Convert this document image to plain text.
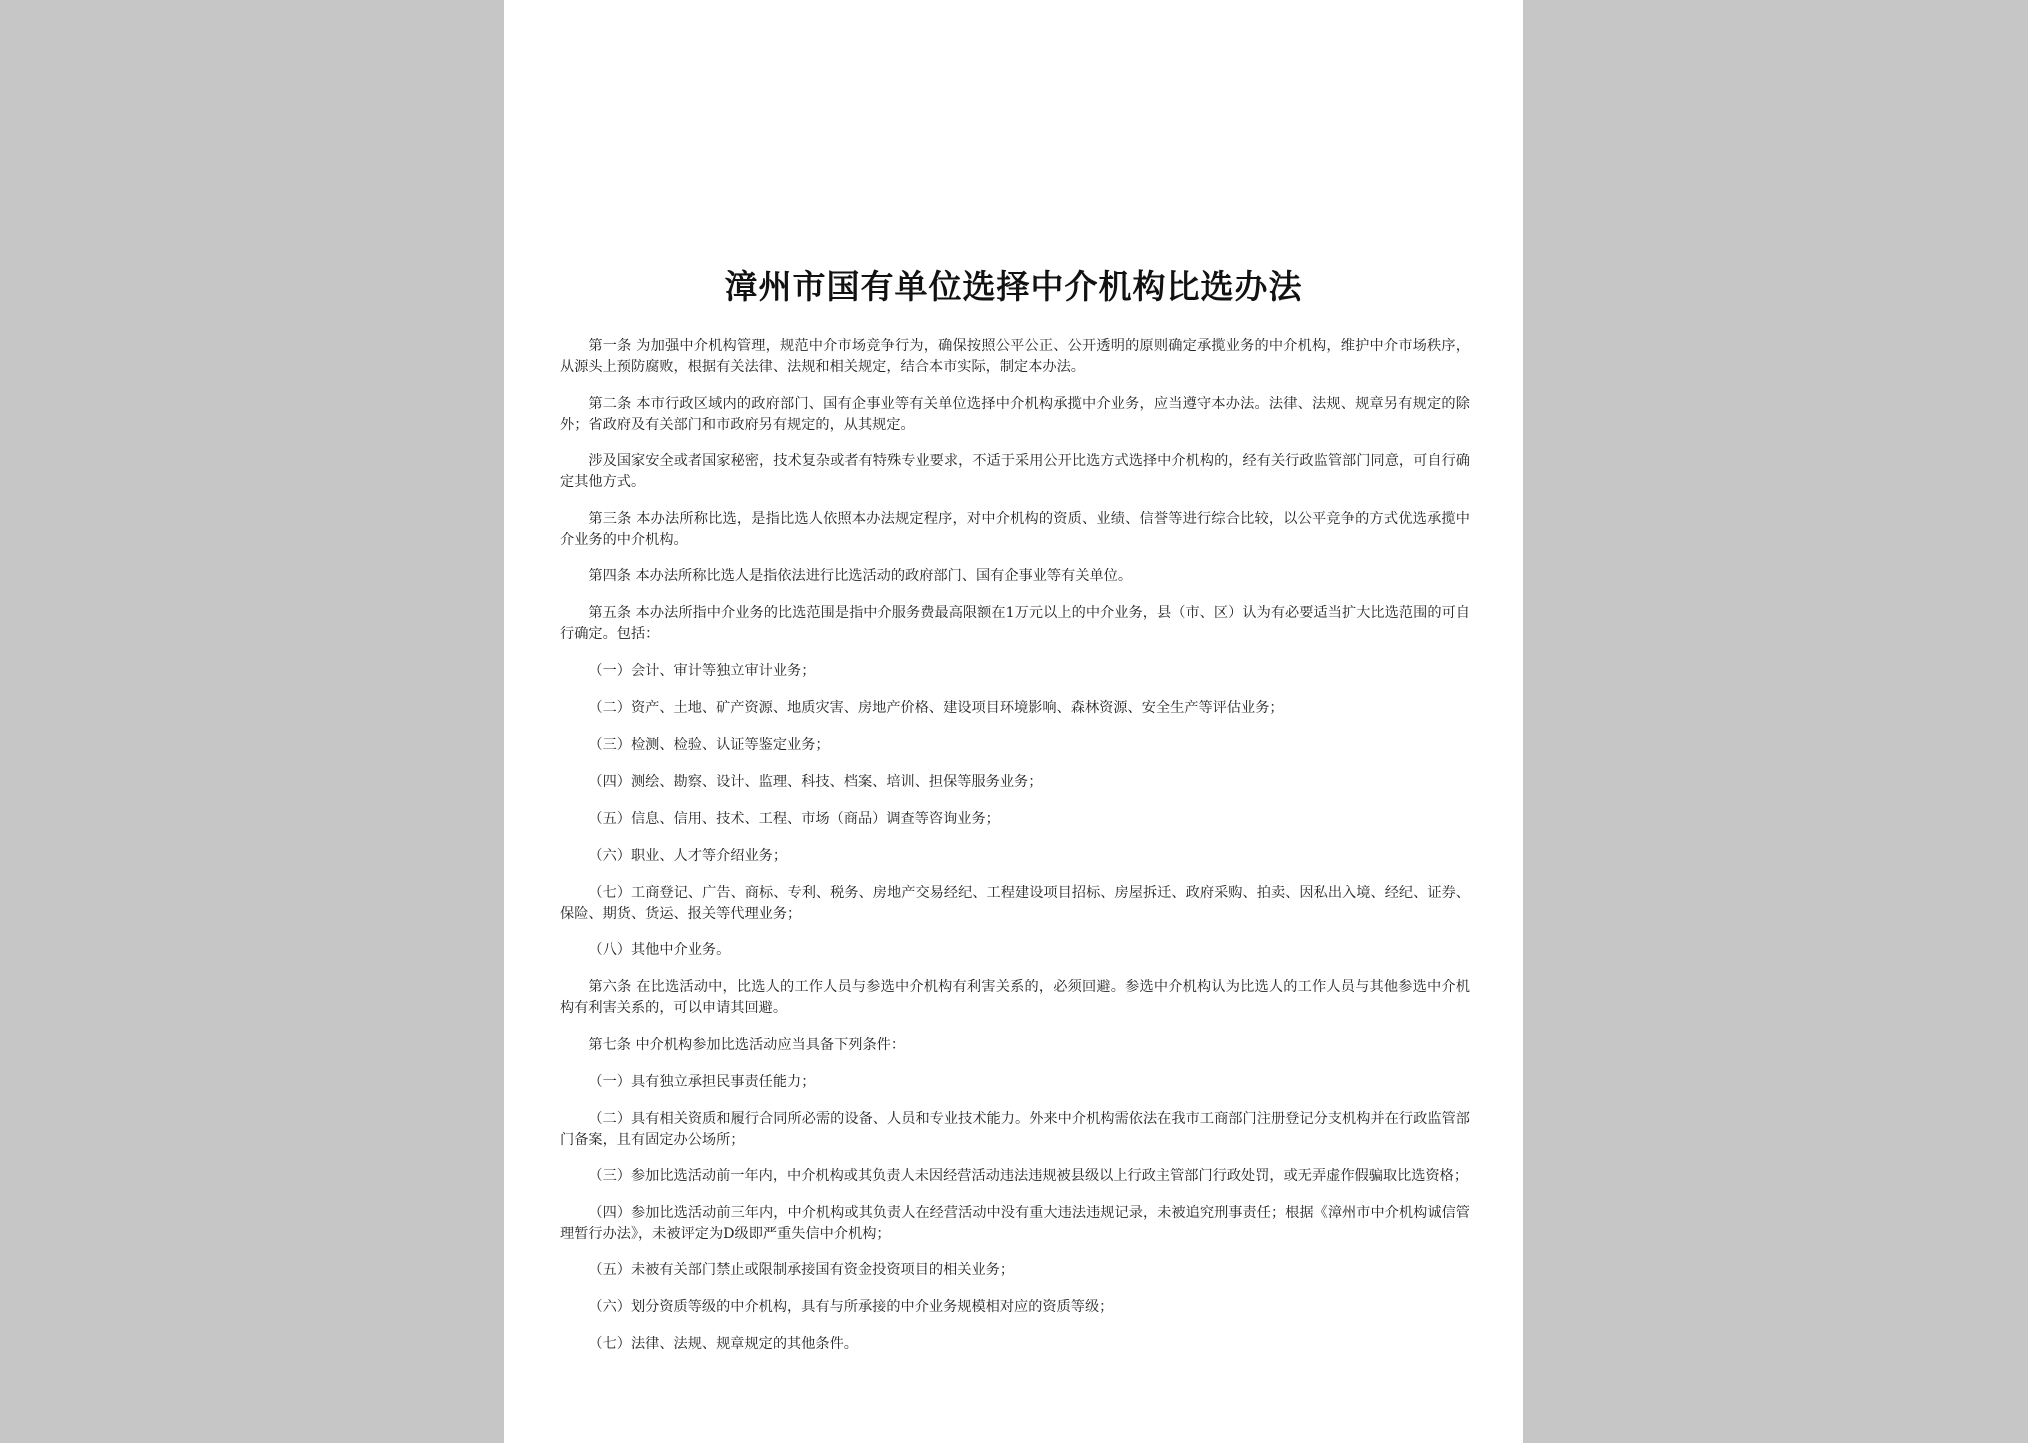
漳州市国有单位选择中介机构比选办法

第一条 为加强中介机构管理，规范中介市场竞争行为，确保按照公平公正、公开透明的原则确定承揽业务的中介机构，维护中介市场秩序，从源头上预防腐败，根据有关法律、法规和相关规定，结合本市实际，制定本办法。

第二条 本市行政区域内的政府部门、国有企事业等有关单位选择中介机构承揽中介业务，应当遵守本办法。法律、法规、规章另有规定的除外；省政府及有关部门和市政府另有规定的，从其规定。

涉及国家安全或者国家秘密，技术复杂或者有特殊专业要求，不适于采用公开比选方式选择中介机构的，经有关行政监管部门同意，可自行确定其他方式。

第三条 本办法所称比选，是指比选人依照本办法规定程序，对中介机构的资质、业绩、信誉等进行综合比较，以公平竞争的方式优选承揽中介业务的中介机构。

第四条 本办法所称比选人是指依法进行比选活动的政府部门、国有企事业等有关单位。

第五条 本办法所指中介业务的比选范围是指中介服务费最高限额在1万元以上的中介业务，县（市、区）认为有必要适当扩大比选范围的可自行确定。包括：

（一）会计、审计等独立审计业务；

（二）资产、土地、矿产资源、地质灾害、房地产价格、建设项目环境影响、森林资源、安全生产等评估业务；

（三）检测、检验、认证等鉴定业务；

（四）测绘、勘察、设计、监理、科技、档案、培训、担保等服务业务；

（五）信息、信用、技术、工程、市场（商品）调查等咨询业务；

（六）职业、人才等介绍业务；

（七）工商登记、广告、商标、专利、税务、房地产交易经纪、工程建设项目招标、房屋拆迁、政府采购、拍卖、因私出入境、经纪、证券、保险、期货、货运、报关等代理业务；

（八）其他中介业务。

第六条 在比选活动中，比选人的工作人员与参选中介机构有利害关系的，必须回避。参选中介机构认为比选人的工作人员与其他参选中介机构有利害关系的，可以申请其回避。

第七条 中介机构参加比选活动应当具备下列条件：

（一）具有独立承担民事责任能力；

（二）具有相关资质和履行合同所必需的设备、人员和专业技术能力。外来中介机构需依法在我市工商部门注册登记分支机构并在行政监管部门备案，且有固定办公场所；

（三）参加比选活动前一年内，中介机构或其负责人未因经营活动违法违规被县级以上行政主管部门行政处罚，或无弄虚作假骗取比选资格；

（四）参加比选活动前三年内，中介机构或其负责人在经营活动中没有重大违法违规记录，未被追究刑事责任；根据《漳州市中介机构诚信管理暂行办法》，未被评定为D级即严重失信中介机构；

（五）未被有关部门禁止或限制承接国有资金投资项目的相关业务；

（六）划分资质等级的中介机构，具有与所承接的中介业务规模相对应的资质等级；

（七）法律、法规、规章规定的其他条件。
